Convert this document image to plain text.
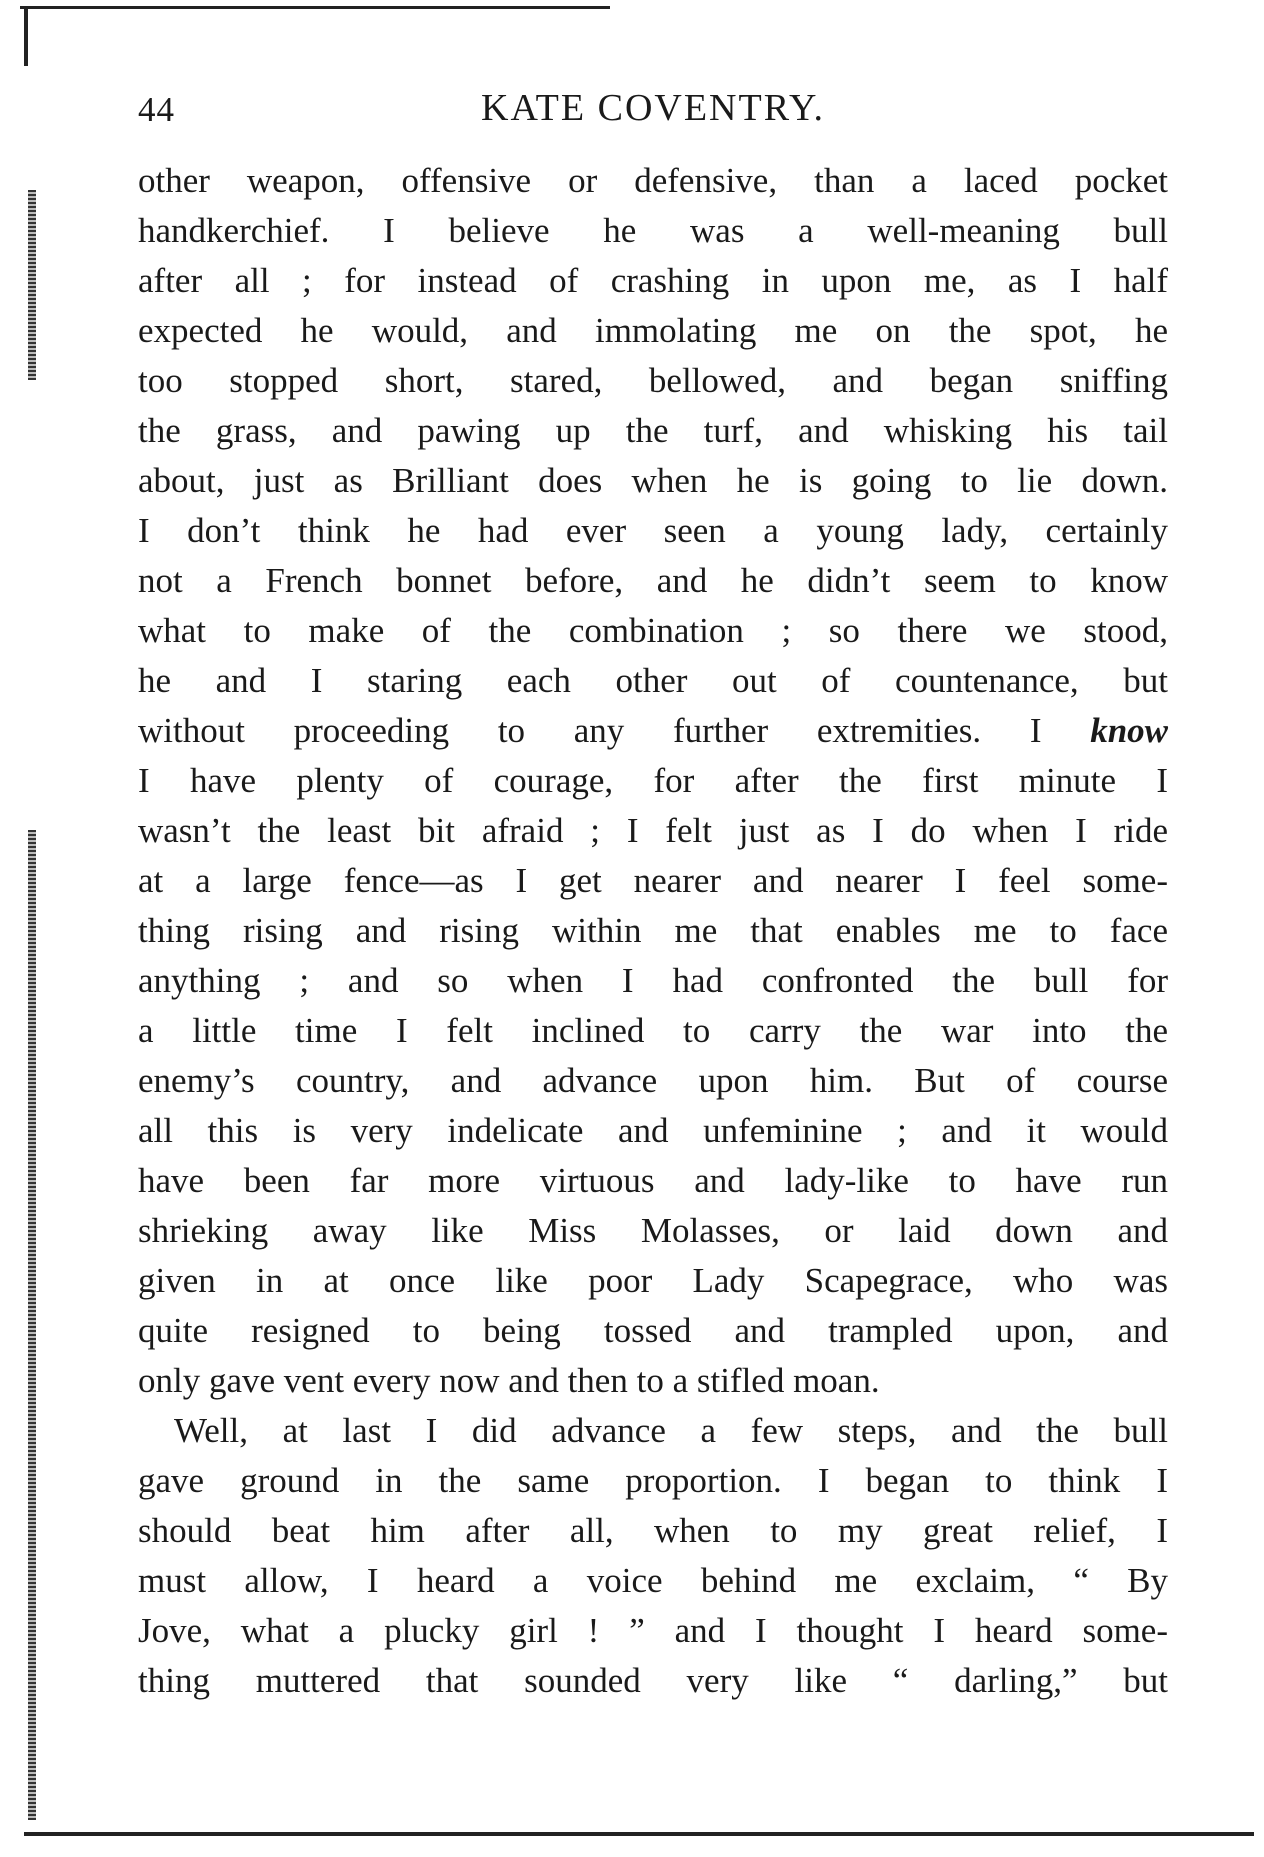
44	KATE COVENTRY.

other weapon, offensive or defensive, than a laced pocket
handkerchief. I believe he was a well-meaning bull
after all ; for instead of crashing in upon me, as I half
expected he would, and immolating me on the spot, he
too stopped short, stared, bellowed, and began sniffing
the grass, and pawing up the turf, and whisking his tail
about, just as Brilliant does when he is going to lie down.
I don’t think he had ever seen a young lady, certainly
not a French bonnet before, and he didn’t seem to know
what to make of the combination ; so there we stood,
he and I staring each other out of countenance, but
without proceeding to any further extremities. I know
I have plenty of courage, for after the first minute I
wasn’t the least bit afraid ; I felt just as I do when I ride
at a large fence—as I get nearer and nearer I feel some-
thing rising and rising within me that enables me to face
anything ; and so when I had confronted the bull for
a little time I felt inclined to carry the war into the
enemy’s country, and advance upon him. But of course
all this is very indelicate and unfeminine ; and it would
have been far more virtuous and lady-like to have run
shrieking away like Miss Molasses, or laid down and
given in at once like poor Lady Scapegrace, who was
quite resigned to being tossed and trampled upon, and
only gave vent every now and then to a stifled moan.

Well, at last I did advance a few steps, and the bull
gave ground in the same proportion. I began to think I
should beat him after all, when to my great relief, I
must allow, I heard a voice behind me exclaim, “ By
Jove, what a plucky girl ! ” and I thought I heard some-
thing muttered that sounded very like “ darling,” but
